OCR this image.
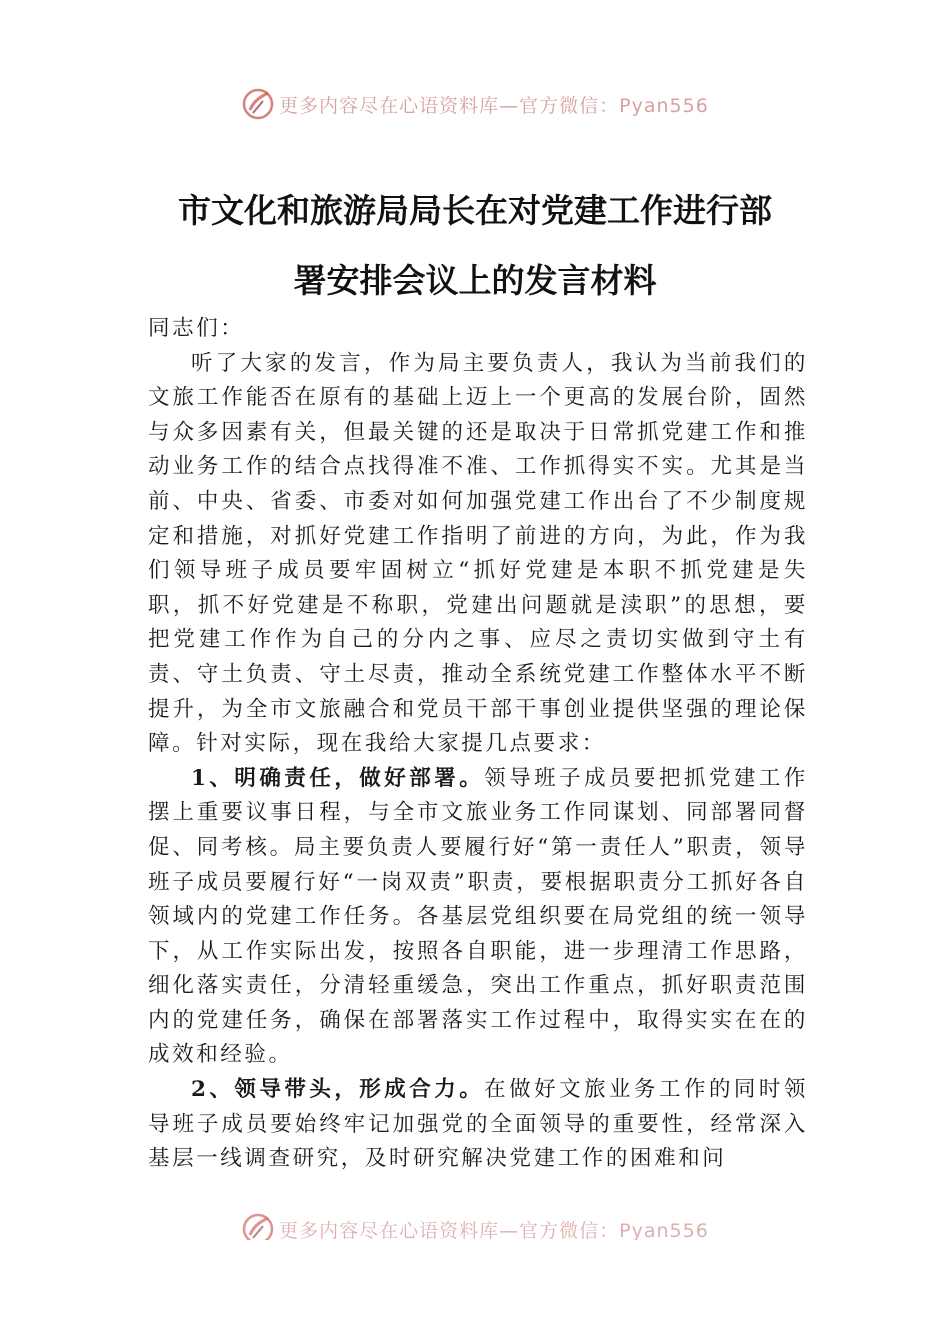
更多内容尽在心语资料库—官方微信：Pyan556
市文化和旅游局局长在对党建工作进行部
署安排会议上的发言材料

同志们：

听了大家的发言，作为局主要负责人，我认为当前我们的文旅工作能否在原有的基础上迈上一个更高的发展台阶，固然与众多因素有关，但最关键的还是取决于日常抓党建工作和推动业务工作的结合点找得准不准、工作抓得实不实。尤其是当前、中央、省委、市委对如何加强党建工作出台了不少制度规定和措施，对抓好党建工作指明了前进的方向，为此，作为我们领导班子成员要牢固树立“抓好党建是本职不抓党建是失职，抓不好党建是不称职，党建出问题就是渎职”的思想，要把党建工作作为自己的分内之事、应尽之责切实做到守土有责、守土负责、守土尽责，推动全系统党建工作整体水平不断提升，为全市文旅融合和党员干部干事创业提供坚强的理论保障。针对实际，现在我给大家提几点要求：

1、明确责任，做好部署。领导班子成员要把抓党建工作摆上重要议事日程，与全市文旅业务工作同谋划、同部署同督促、同考核。局主要负责人要履行好“第一责任人”职责，领导班子成员要履行好“一岗双责”职责，要根据职责分工抓好各自领域内的党建工作任务。各基层党组织要在局党组的统一领导下，从工作实际出发，按照各自职能，进一步理清工作思路，细化落实责任，分清轻重缓急，突出工作重点，抓好职责范围内的党建任务，确保在部署落实工作过程中，取得实实在在的成效和经验。

2、领导带头，形成合力。在做好文旅业务工作的同时领导班子成员要始终牢记加强党的全面领导的重要性，经常深入基层一线调查研究，及时研究解决党建工作的困难和问

更多内容尽在心语资料库—官方微信：Pyan556
